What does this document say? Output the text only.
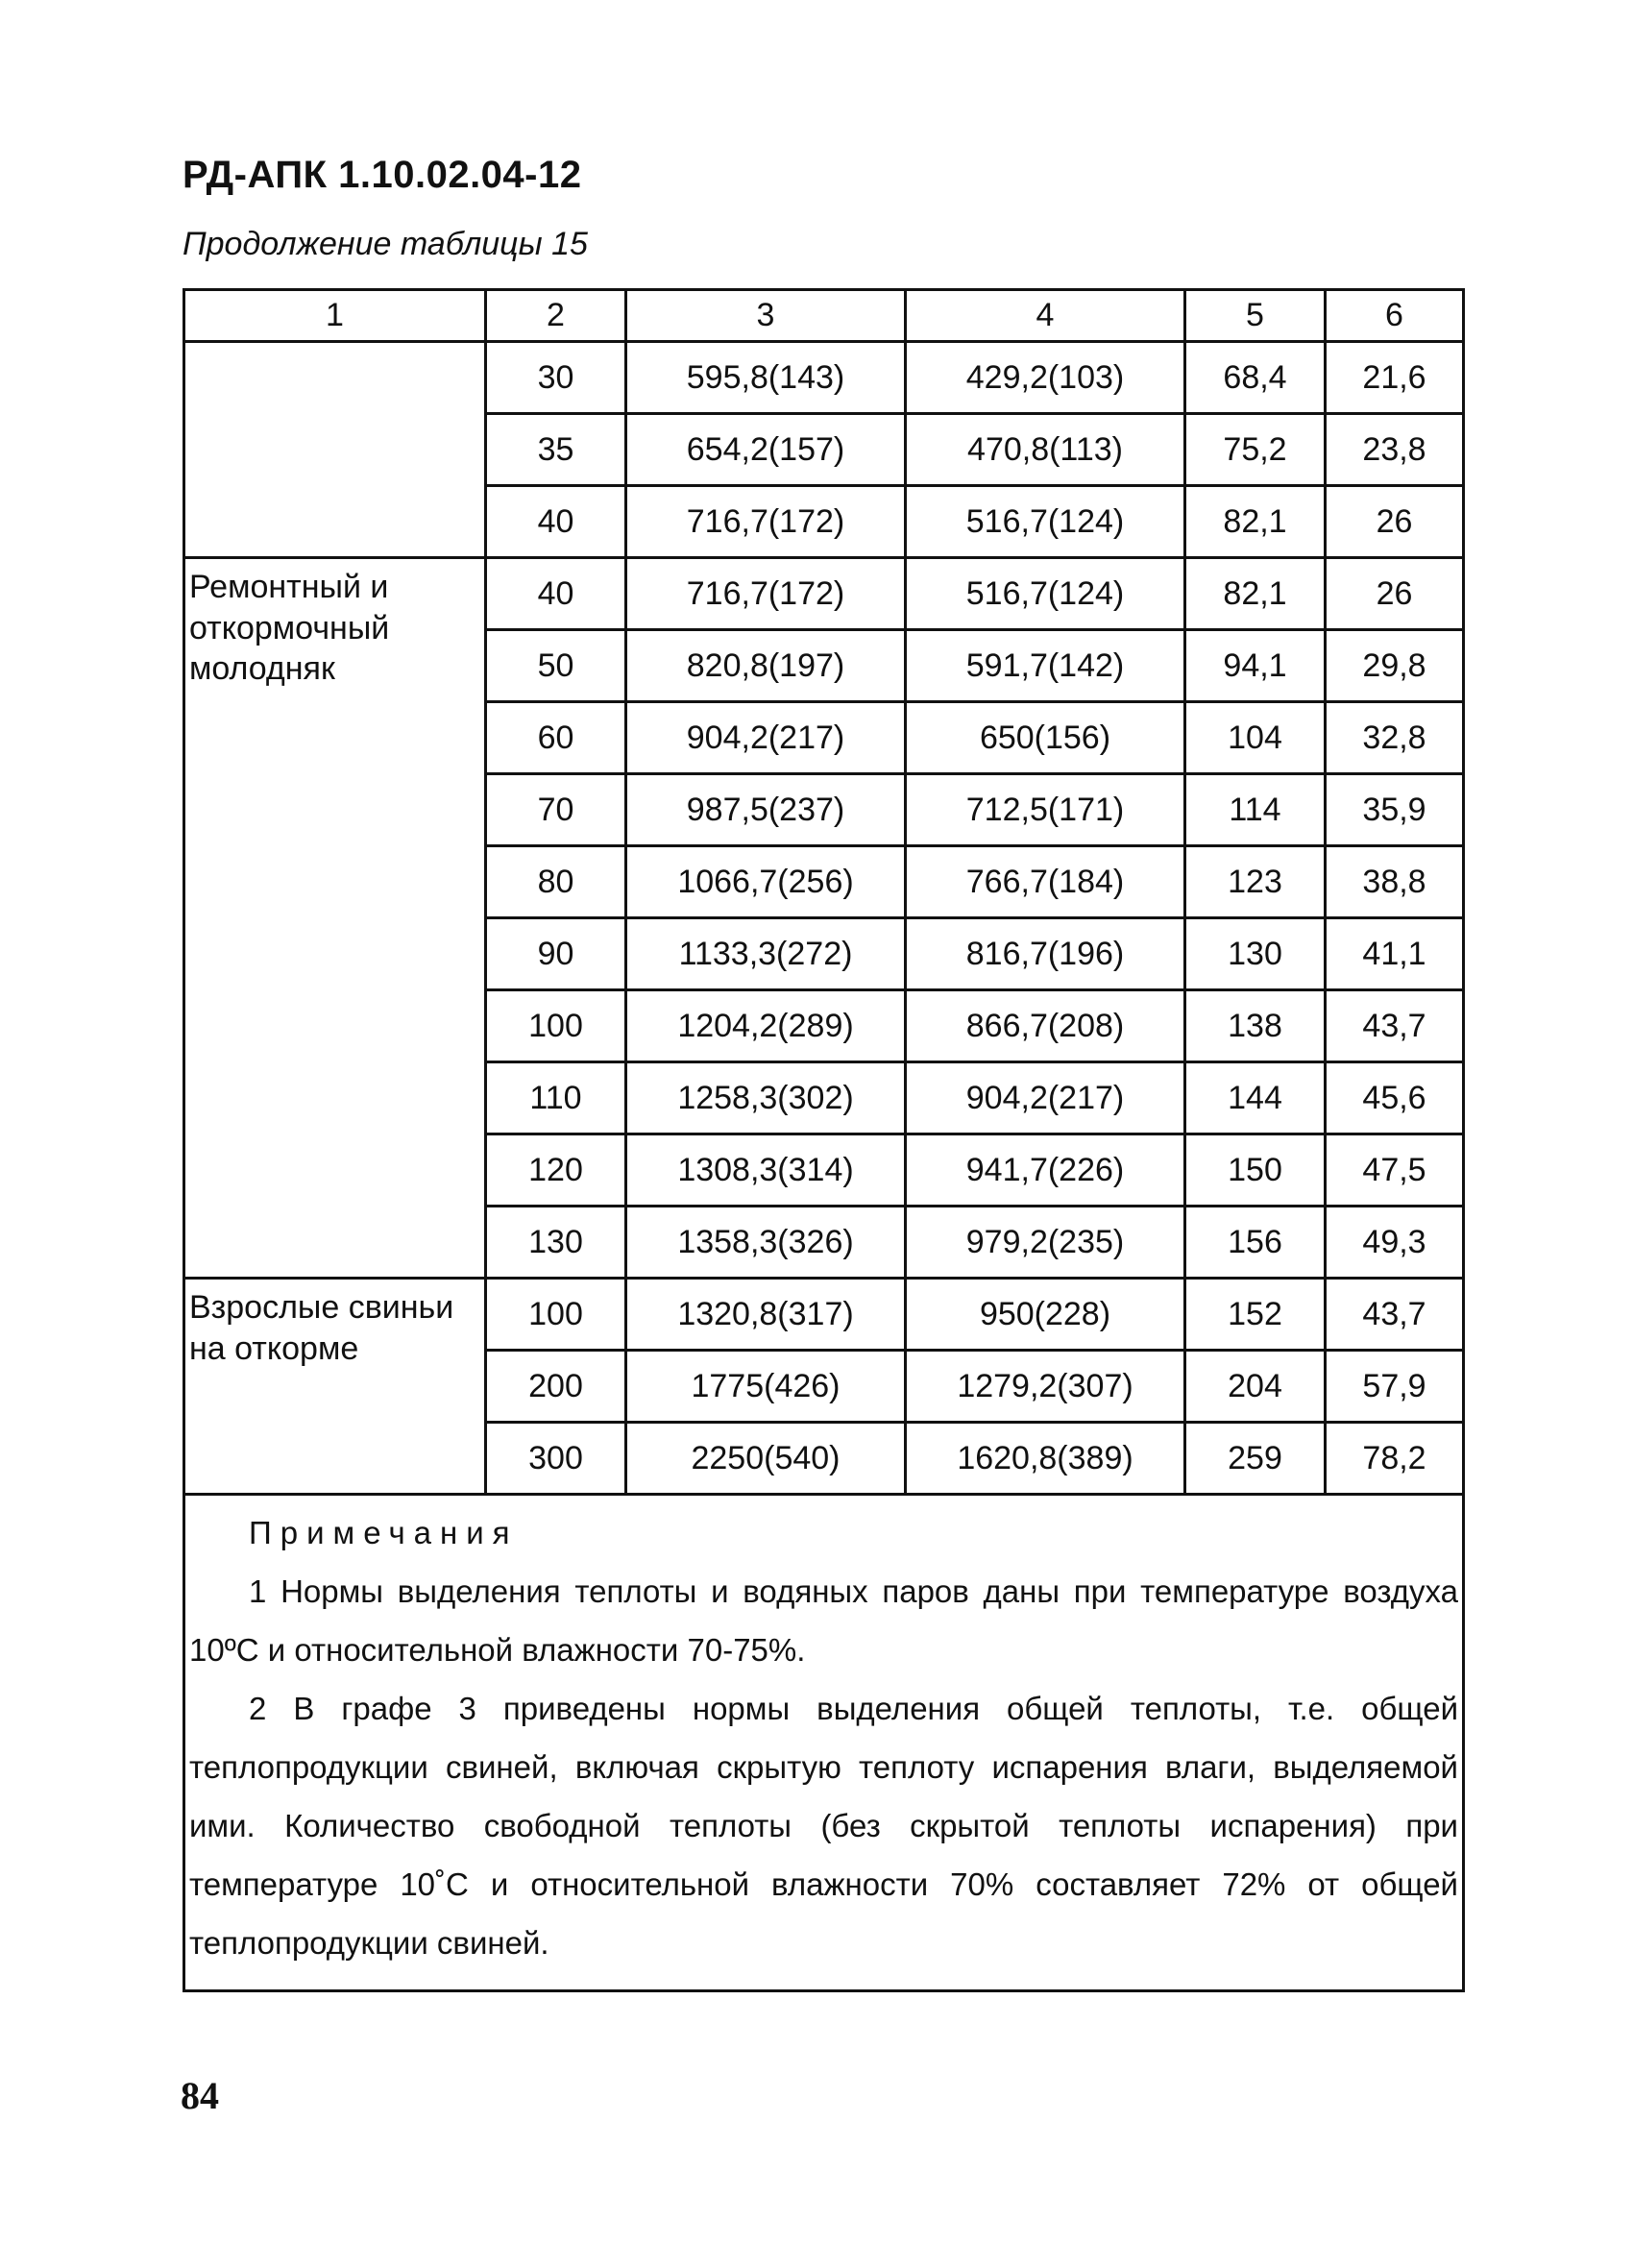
РД-АПК 1.10.02.04-12
Продолжение таблицы 15
1	2	3	4	5	6
	30	595,8(143)	429,2(103)	68,4	21,6
	35	654,2(157)	470,8(113)	75,2	23,8
	40	716,7(172)	516,7(124)	82,1	26
Ремонтный и откормочный молодняк	40	716,7(172)	516,7(124)	82,1	26
	50	820,8(197)	591,7(142)	94,1	29,8
	60	904,2(217)	650(156)	104	32,8
	70	987,5(237)	712,5(171)	114	35,9
	80	1066,7(256)	766,7(184)	123	38,8
	90	1133,3(272)	816,7(196)	130	41,1
	100	1204,2(289)	866,7(208)	138	43,7
	110	1258,3(302)	904,2(217)	144	45,6
	120	1308,3(314)	941,7(226)	150	47,5
	130	1358,3(326)	979,2(235)	156	49,3
Взрослые свиньи на откорме	100	1320,8(317)	950(228)	152	43,7
	200	1775(426)	1279,2(307)	204	57,9
	300	2250(540)	1620,8(389)	259	78,2

Примечания
1 Нормы выделения теплоты и водяных паров даны при температуре воздуха 10ºС и относительной влажности 70-75%.
2 В графе 3 приведены нормы выделения общей теплоты, т.е. общей теплопродукции свиней, включая скрытую теплоту испарения влаги, выделяемой ими. Количество свободной теплоты (без скрытой теплоты испарения) при температуре 10˚С и относительной влажности 70% составляет 72% от общей теплопродукции свиней.					
84
